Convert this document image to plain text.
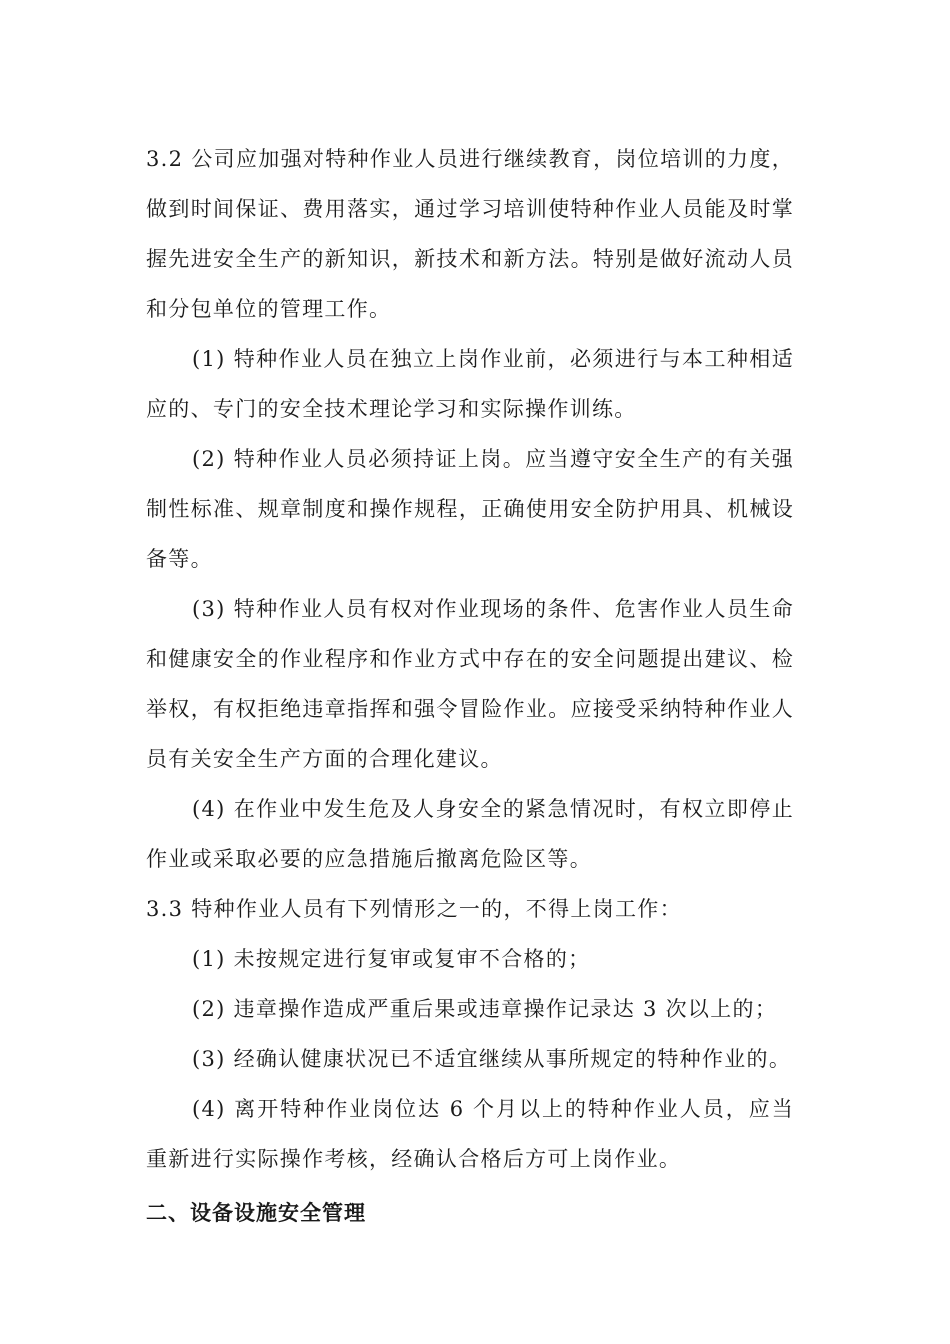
3.2 公司应加强对特种作业人员进行继续教育，岗位培训的力度，做到时间保证、费用落实，通过学习培训使特种作业人员能及时掌握先进安全生产的新知识，新技术和新方法。特别是做好流动人员和分包单位的管理工作。

(1) 特种作业人员在独立上岗作业前，必须进行与本工种相适应的、专门的安全技术理论学习和实际操作训练。

(2) 特种作业人员必须持证上岗。应当遵守安全生产的有关强制性标准、规章制度和操作规程，正确使用安全防护用具、机械设备等。

(3) 特种作业人员有权对作业现场的条件、危害作业人员生命和健康安全的作业程序和作业方式中存在的安全问题提出建议、检举权，有权拒绝违章指挥和强令冒险作业。应接受采纳特种作业人员有关安全生产方面的合理化建议。

(4) 在作业中发生危及人身安全的紧急情况时，有权立即停止作业或采取必要的应急措施后撤离危险区等。

3.3 特种作业人员有下列情形之一的，不得上岗工作：

(1) 未按规定进行复审或复审不合格的；

(2) 违章操作造成严重后果或违章操作记录达 3 次以上的；

(3) 经确认健康状况已不适宜继续从事所规定的特种作业的。

(4) 离开特种作业岗位达 6 个月以上的特种作业人员，应当重新进行实际操作考核，经确认合格后方可上岗作业。

二、设备设施安全管理
